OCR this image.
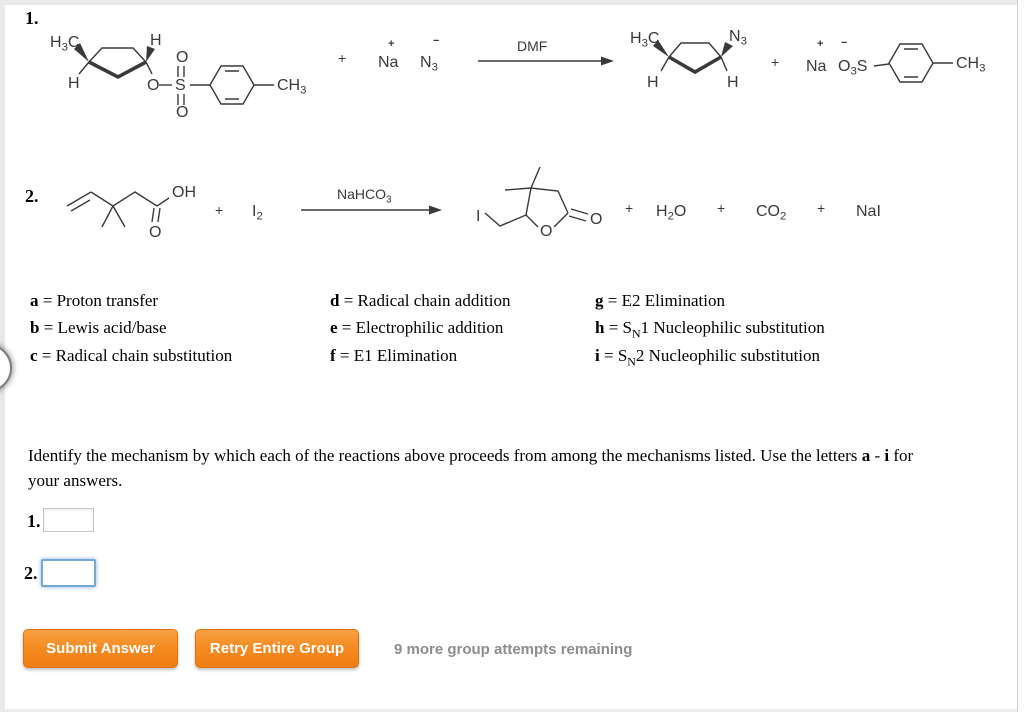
1.
2.
$H_3C$
H
H
O S
O
O
$CH_3$
+ Na
+
$N_3$
−	DMF	$H_3C$	$N_3$
H	H
+ Na
+
$O_3S$
−
$CH_3$
OH
O
+ $I_2$
NaHCO$_3$
I
O
O
+ $H_2O + CO_2$
+ NaI
a = Proton transfer
b = Lewis acid/base
c = Radical chain substitution
d = Radical chain addition
e = Electrophilic addition
f = E1 Elimination
g = E2 Elimination
$h = S_N1$ Nucleophilic substitution
$i = S_N2$ Nucleophilic substitution
Identify the mechanism by which each of the reactions above proceeds from among the mechanisms listed. Use the letters a - i for your answers.
1.
2.
Submit Answer	Retry Entire Group	9 more group attempts remaining
